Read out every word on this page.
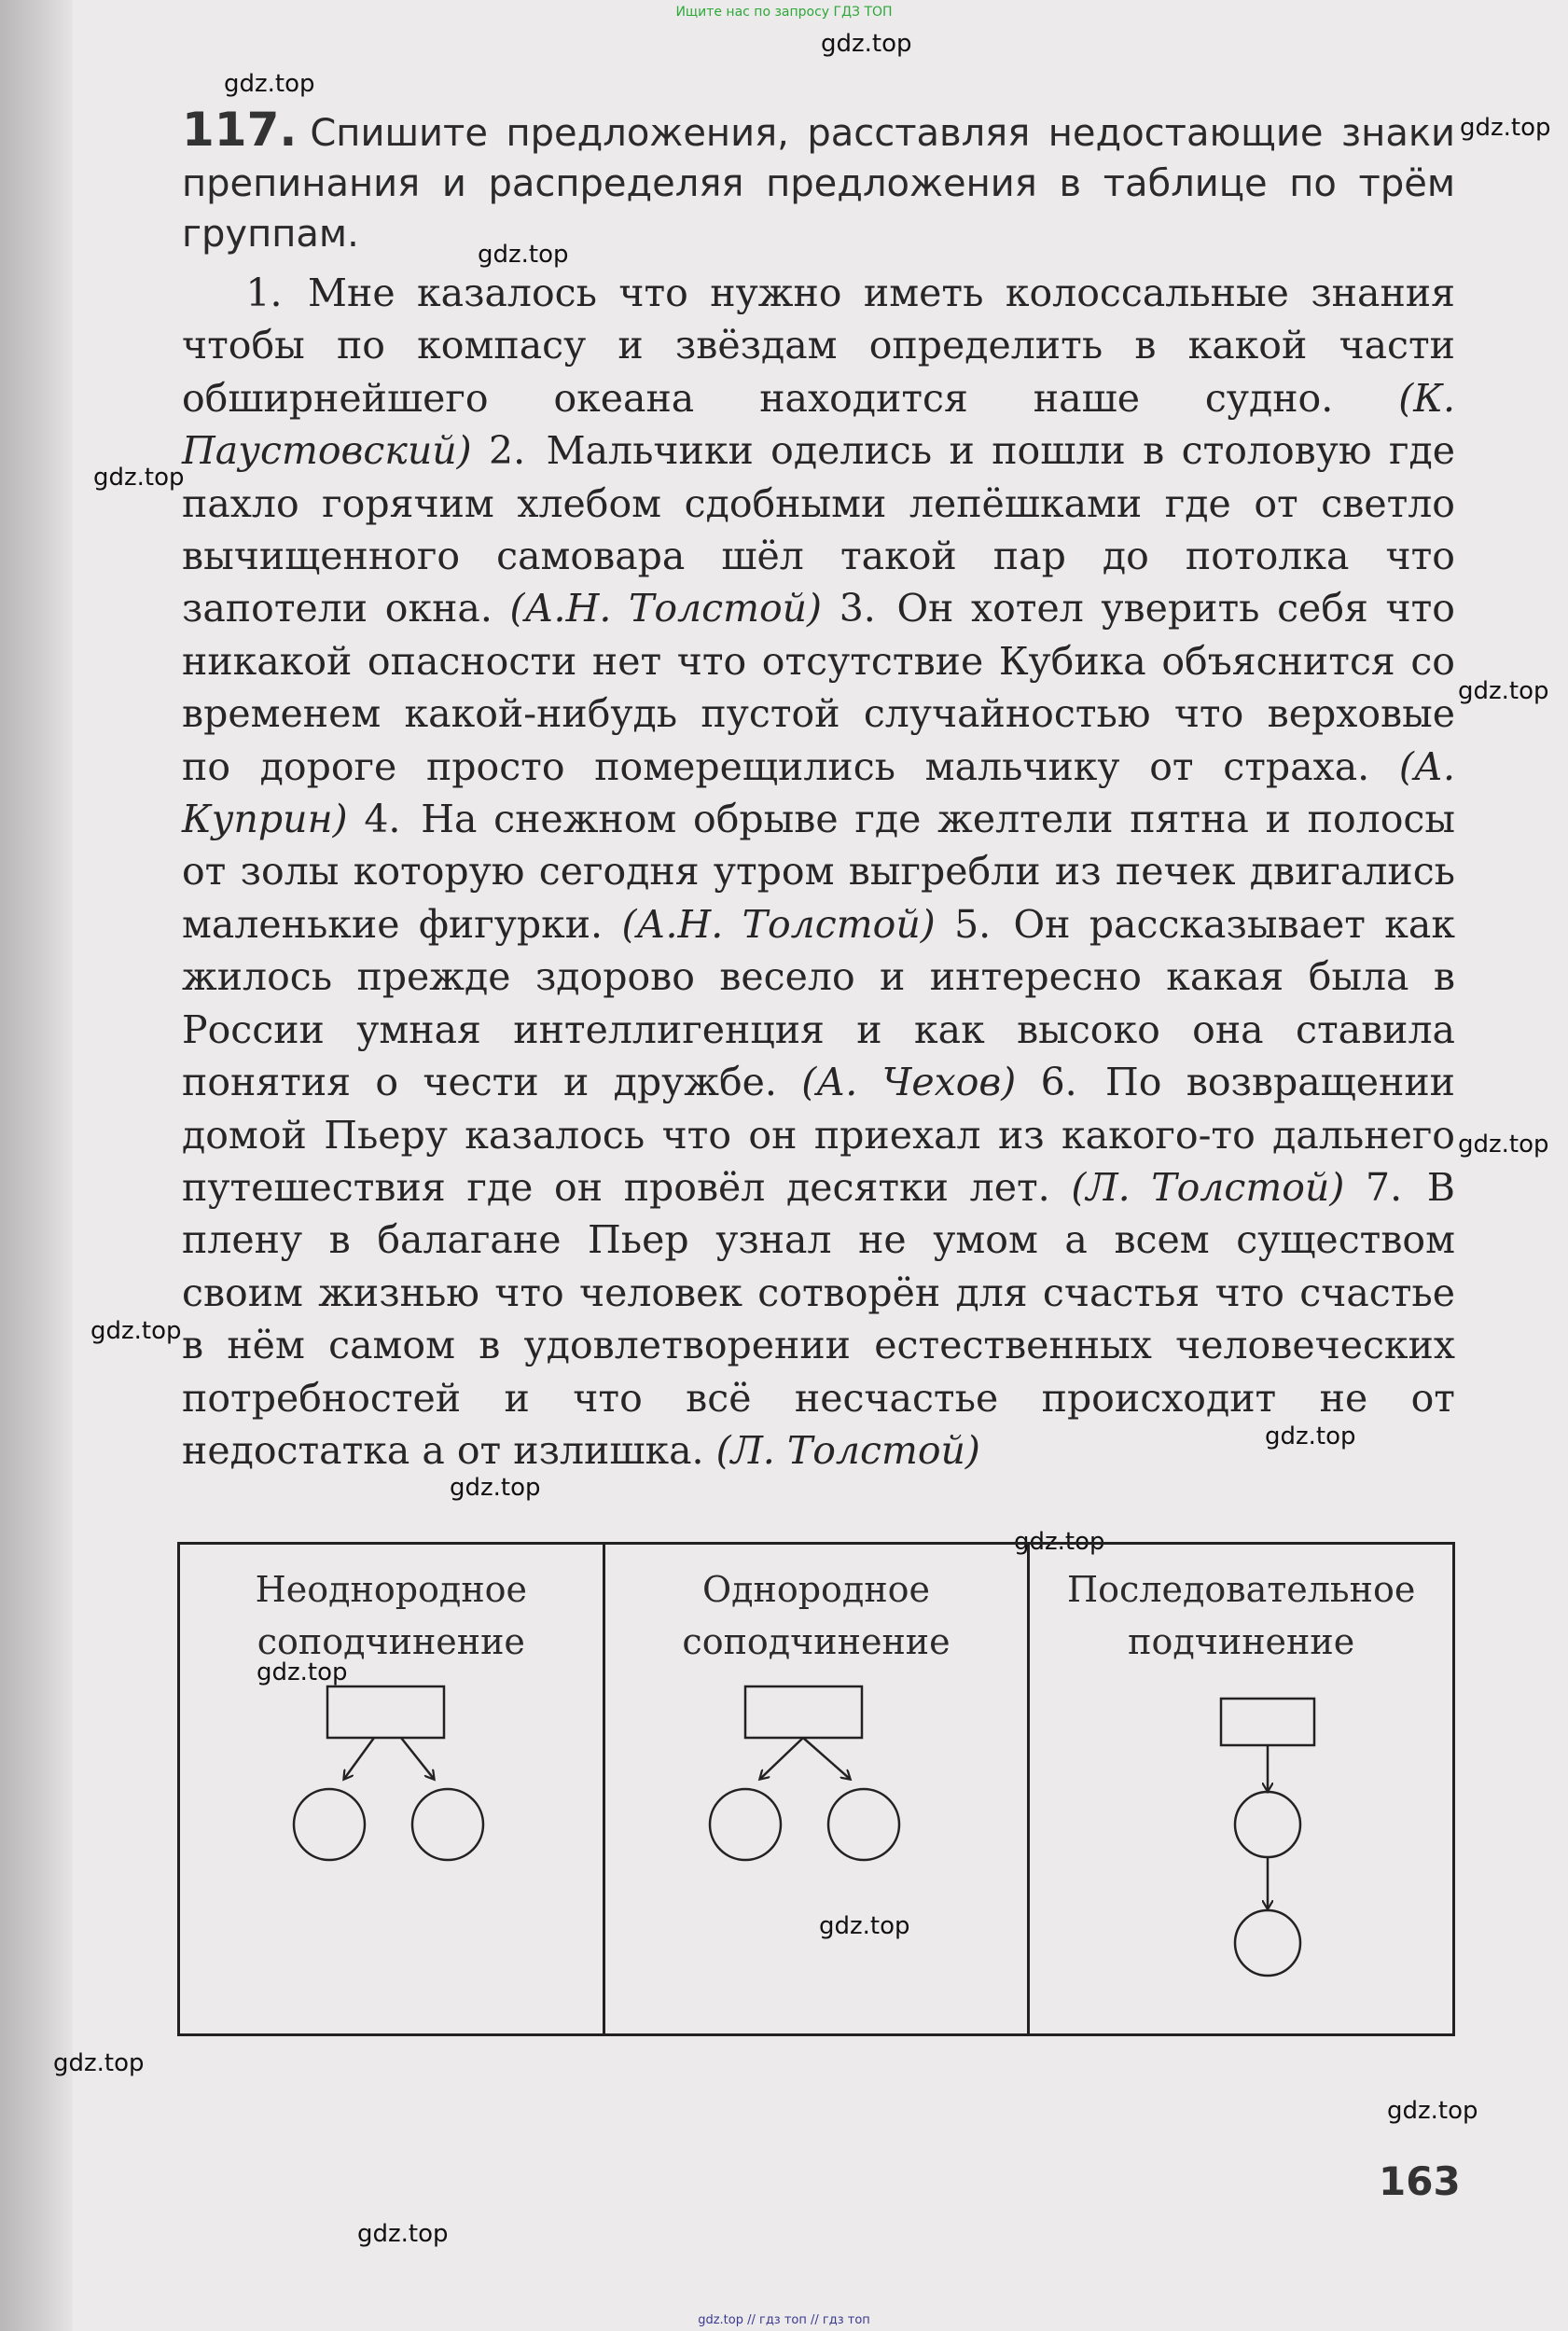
Ищите нас по запросу ГДЗ ТОП
gdz.top
gdz.top
gdz.top
gdz.top
gdz.top
gdz.top
gdz.top
gdz.top
gdz.top
gdz.top
gdz.top
gdz.top
gdz.top
gdz.top
gdz.top
gdz.top
117. Спишите предложения, расставляя недостающие знаки препинания и распределяя предложения в таблице по трём группам.
1. Мне казалось что нужно иметь колоссальные знания чтобы по компасу и звёздам определить в какой части обширнейшего океана находится наше судно. (К. Паустовский) 2. Мальчики оделись и пошли в столовую где пахло горячим хлебом сдобными лепёшками где от светло вычищенного самовара шёл такой пар до потолка что запотели окна. (А.Н. Толстой) 3. Он хотел уверить себя что никакой опасности нет что отсутствие Кубика объяснится со временем какой-нибудь пустой случайностью что верховые по дороге просто померещились мальчику от страха. (А. Куприн) 4. На снежном обрыве где желтели пятна и полосы от золы которую сегодня утром выгребли из печек двигались маленькие фигурки. (А.Н. Толстой) 5. Он рассказывает как жилось прежде здорово весело и интересно какая была в России умная интеллигенция и как высоко она ставила понятия о чести и дружбе. (А. Чехов) 6. По возвращении домой Пьеру казалось что он приехал из какого-то дальнего путешествия где он провёл десятки лет. (Л. Толстой) 7. В плену в балагане Пьер узнал не умом а всем существом своим жизнью что человек сотворён для счастья что счастье в нём самом в удовлетворении естественных человеческих потребностей и что всё несчастье происходит не от недостатка а от излишка. (Л. Толстой)
Неоднородное соподчинение
Однородное соподчинение
Последовательное подчинение
163
gdz.top // гдз топ // гдз топ
